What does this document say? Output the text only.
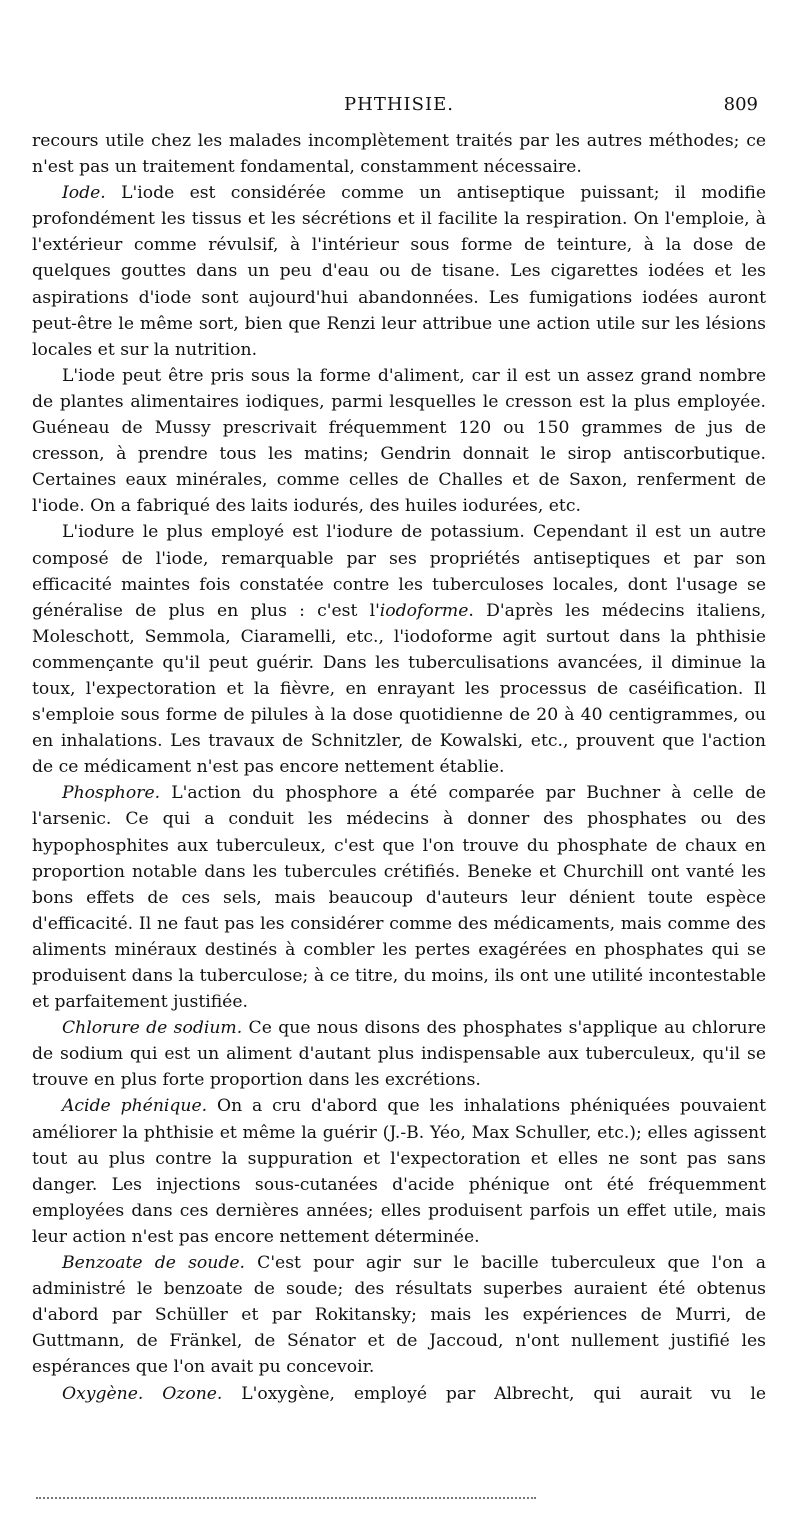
PHTHISIE.	809

recours utile chez les malades incomplètement traités par les autres méthodes; ce n'est pas un traitement fondamental, constamment nécessaire.

Iode. L'iode est considérée comme un antiseptique puissant; il modifie profondément les tissus et les sécrétions et il facilite la respiration. On l'emploie, à l'extérieur comme révulsif, à l'intérieur sous forme de teinture, à la dose de quelques gouttes dans un peu d'eau ou de tisane. Les cigarettes iodées et les aspirations d'iode sont aujourd'hui abandonnées. Les fumigations iodées auront peut-être le même sort, bien que Renzi leur attribue une action utile sur les lésions locales et sur la nutrition.

L'iode peut être pris sous la forme d'aliment, car il est un assez grand nombre de plantes alimentaires iodiques, parmi lesquelles le cresson est la plus employée. Guéneau de Mussy prescrivait fréquemment 120 ou 150 grammes de jus de cresson, à prendre tous les matins; Gendrin donnait le sirop antiscorbutique. Certaines eaux minérales, comme celles de Challes et de Saxon, renferment de l'iode. On a fabriqué des laits iodurés, des huiles iodurées, etc.

L'iodure le plus employé est l'iodure de potassium. Cependant il est un autre composé de l'iode, remarquable par ses propriétés antiseptiques et par son efficacité maintes fois constatée contre les tuberculoses locales, dont l'usage se généralise de plus en plus : c'est l'iodoforme. D'après les médecins italiens, Moleschott, Semmola, Ciaramelli, etc., l'iodoforme agit surtout dans la phthisie commençante qu'il peut guérir. Dans les tuberculisations avancées, il diminue la toux, l'expectoration et la fièvre, en enrayant les processus de caséification. Il s'emploie sous forme de pilules à la dose quotidienne de 20 à 40 centigrammes, ou en inhalations. Les travaux de Schnitzler, de Kowalski, etc., prouvent que l'action de ce médicament n'est pas encore nettement établie.

Phosphore. L'action du phosphore a été comparée par Buchner à celle de l'arsenic. Ce qui a conduit les médecins à donner des phosphates ou des hypophosphites aux tuberculeux, c'est que l'on trouve du phosphate de chaux en proportion notable dans les tubercules crétifiés. Beneke et Churchill ont vanté les bons effets de ces sels, mais beaucoup d'auteurs leur dénient toute espèce d'efficacité. Il ne faut pas les considérer comme des médicaments, mais comme des aliments minéraux destinés à combler les pertes exagérées en phosphates qui se produisent dans la tuberculose; à ce titre, du moins, ils ont une utilité incontestable et parfaitement justifiée.

Chlorure de sodium. Ce que nous disons des phosphates s'applique au chlorure de sodium qui est un aliment d'autant plus indispensable aux tuberculeux, qu'il se trouve en plus forte proportion dans les excrétions.

Acide phénique. On a cru d'abord que les inhalations phéniquées pouvaient améliorer la phthisie et même la guérir (J.-B. Yéo, Max Schuller, etc.); elles agissent tout au plus contre la suppuration et l'expectoration et elles ne sont pas sans danger. Les injections sous-cutanées d'acide phénique ont été fréquemment employées dans ces dernières années; elles produisent parfois un effet utile, mais leur action n'est pas encore nettement déterminée.

Benzoate de soude. C'est pour agir sur le bacille tuberculeux que l'on a administré le benzoate de soude; des résultats superbes auraient été obtenus d'abord par Schüller et par Rokitansky; mais les expériences de Murri, de Guttmann, de Fränkel, de Sénator et de Jaccoud, n'ont nullement justifié les espérances que l'on avait pu concevoir.

Oxygène. Ozone. L'oxygène, employé par Albrecht, qui aurait vu le
